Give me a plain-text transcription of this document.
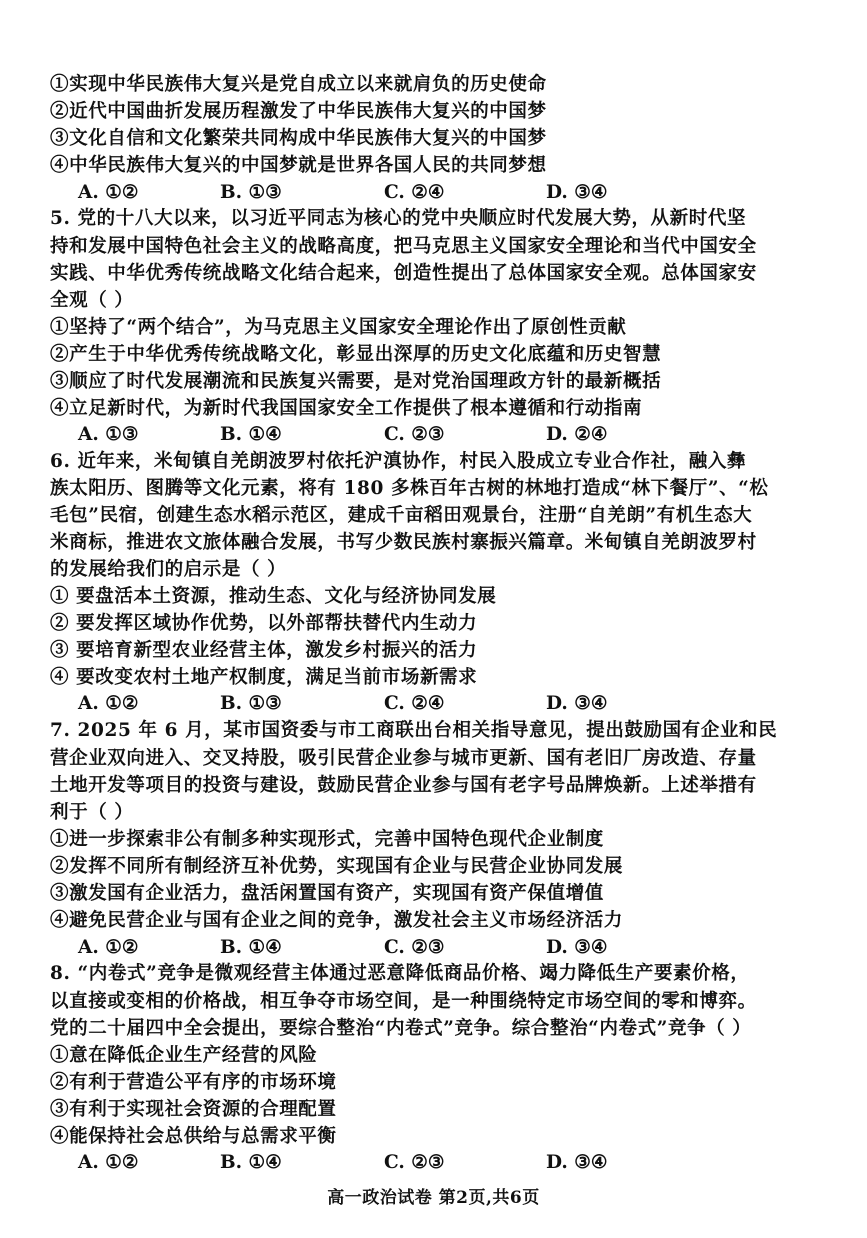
①实现中华民族伟大复兴是党自成立以来就肩负的历史使命
②近代中国曲折发展历程激发了中华民族伟大复兴的中国梦
③文化自信和文化繁荣共同构成中华民族伟大复兴的中国梦
④中华民族伟大复兴的中国梦就是世界各国人民的共同梦想
A. ①②	B. ①③	C. ②④	D. ③④
5. 党的十八大以来，以习近平同志为核心的党中央顺应时代发展大势，从新时代坚
持和发展中国特色社会主义的战略高度，把马克思主义国家安全理论和当代中国安全
实践、中华优秀传统战略文化结合起来，创造性提出了总体国家安全观。总体国家安
全观（ ）
①坚持了“两个结合”，为马克思主义国家安全理论作出了原创性贡献
②产生于中华优秀传统战略文化，彰显出深厚的历史文化底蕴和历史智慧
③顺应了时代发展潮流和民族复兴需要，是对党治国理政方针的最新概括
④立足新时代，为新时代我国国家安全工作提供了根本遵循和行动指南
A. ①③	B. ①④	C. ②③	D. ②④
6. 近年来，米甸镇自羌朗波罗村依托沪滇协作，村民入股成立专业合作社，融入彝
族太阳历、图腾等文化元素，将有 180 多株百年古树的林地打造成“林下餐厅”、“松
毛包”民宿，创建生态水稻示范区，建成千亩稻田观景台，注册“自羌朗”有机生态大
米商标，推进农文旅体融合发展，书写少数民族村寨振兴篇章。米甸镇自羌朗波罗村
的发展给我们的启示是（ ）
① 要盘活本土资源，推动生态、文化与经济协同发展
② 要发挥区域协作优势，以外部帮扶替代内生动力
③ 要培育新型农业经营主体，激发乡村振兴的活力
④ 要改变农村土地产权制度，满足当前市场新需求
A. ①②	B. ①③	C. ②④	D. ③④
7. 2025 年 6 月，某市国资委与市工商联出台相关指导意见，提出鼓励国有企业和民
营企业双向进入、交叉持股，吸引民营企业参与城市更新、国有老旧厂房改造、存量
土地开发等项目的投资与建设，鼓励民营企业参与国有老字号品牌焕新。上述举措有
利于（ ）
①进一步探索非公有制多种实现形式，完善中国特色现代企业制度
②发挥不同所有制经济互补优势，实现国有企业与民营企业协同发展
③激发国有企业活力，盘活闲置国有资产，实现国有资产保值增值
④避免民营企业与国有企业之间的竞争，激发社会主义市场经济活力
A. ①②	B. ①④	C. ②③	D. ③④
8. “内卷式”竞争是微观经营主体通过恶意降低商品价格、竭力降低生产要素价格，
以直接或变相的价格战，相互争夺市场空间，是一种围绕特定市场空间的零和博弈。
党的二十届四中全会提出，要综合整治“内卷式”竞争。综合整治“内卷式”竞争（ ）
①意在降低企业生产经营的风险
②有利于营造公平有序的市场环境
③有利于实现社会资源的合理配置
④能保持社会总供给与总需求平衡
A. ①②	B. ①④	C. ②③	D. ③④
高一政治试卷 第2页,共6页
